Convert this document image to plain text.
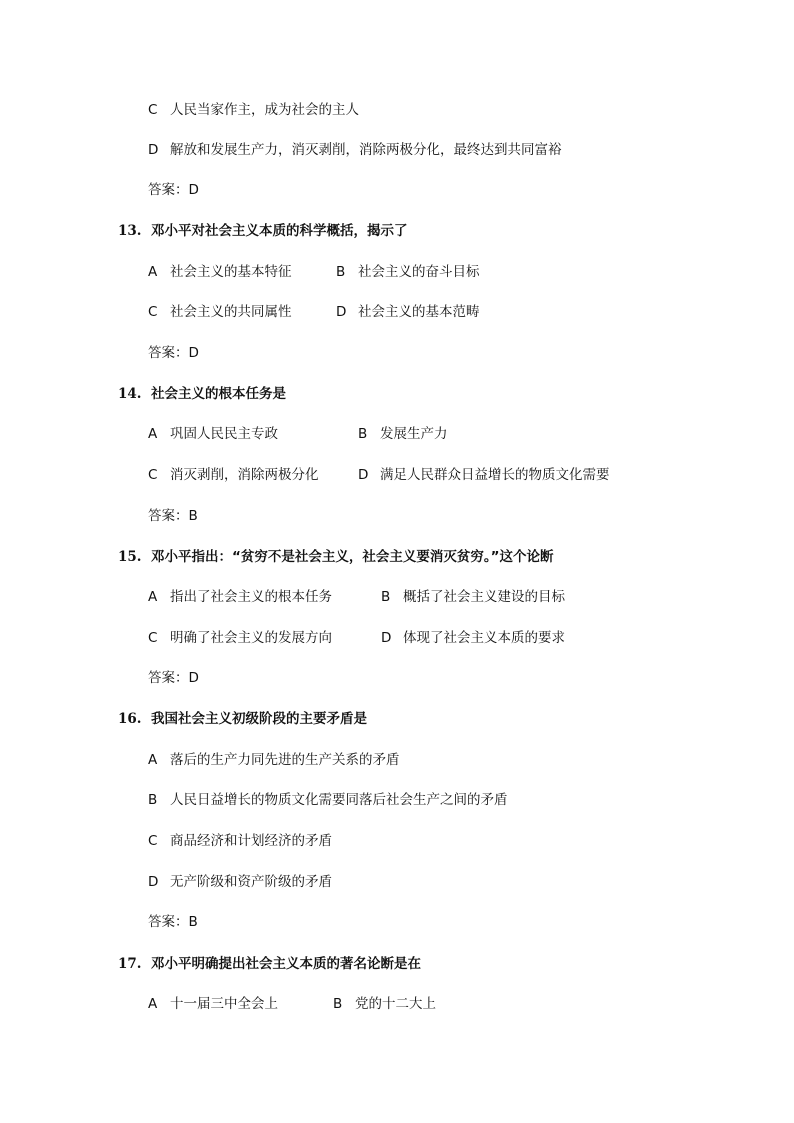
C 人民当家作主，成为社会的主人
D 解放和发展生产力，消灭剥削，消除两极分化，最终达到共同富裕
答案：D
13. 邓小平对社会主义本质的科学概括，揭示了
A 社会主义的基本特征	B 社会主义的奋斗目标
C 社会主义的共同属性	D 社会主义的基本范畴
答案：D
14. 社会主义的根本任务是
A 巩固人民民主专政	B 发展生产力
C 消灭剥削，消除两极分化	D 满足人民群众日益增长的物质文化需要
答案：B
15. 邓小平指出：“贫穷不是社会主义，社会主义要消灭贫穷。”这个论断
A 指出了社会主义的根本任务	B 概括了社会主义建设的目标
C 明确了社会主义的发展方向	D 体现了社会主义本质的要求
答案：D
16. 我国社会主义初级阶段的主要矛盾是
A 落后的生产力同先进的生产关系的矛盾
B 人民日益增长的物质文化需要同落后社会生产之间的矛盾
C 商品经济和计划经济的矛盾
D 无产阶级和资产阶级的矛盾
答案：B
17. 邓小平明确提出社会主义本质的著名论断是在
A 十一届三中全会上	B 党的十二大上
